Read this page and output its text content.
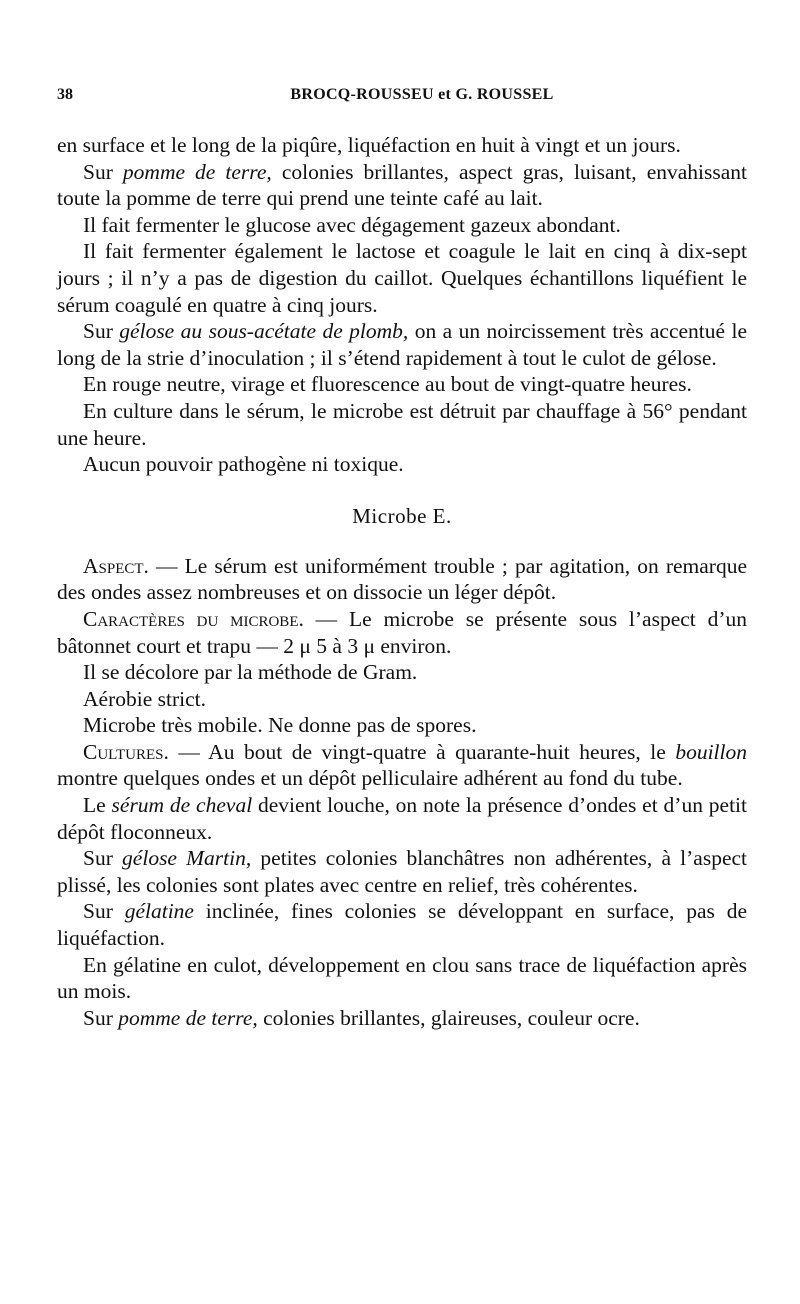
38	BROCQ-ROUSSEU et G. ROUSSEL

en surface et le long de la piqûre, liquéfaction en huit à vingt et un jours.

Sur pomme de terre, colonies brillantes, aspect gras, luisant, envahissant toute la pomme de terre qui prend une teinte café au lait.

Il fait fermenter le glucose avec dégagement gazeux abondant.

Il fait fermenter également le lactose et coagule le lait en cinq à dix-sept jours ; il n’y a pas de digestion du caillot. Quelques échantillons liquéfient le sérum coagulé en quatre à cinq jours.

Sur gélose au sous-acétate de plomb, on a un noircissement très accentué le long de la strie d’inoculation ; il s’étend rapidement à tout le culot de gélose.

En rouge neutre, virage et fluorescence au bout de vingt-quatre heures.

En culture dans le sérum, le microbe est détruit par chauffage à 56° pendant une heure.

Aucun pouvoir pathogène ni toxique.

Microbe E.

Aspect. — Le sérum est uniformément trouble ; par agitation, on remarque des ondes assez nombreuses et on dissocie un léger dépôt.

Caractères du microbe. — Le microbe se présente sous l’aspect d’un bâtonnet court et trapu — 2 μ 5 à 3 μ environ.

Il se décolore par la méthode de Gram.

Aérobie strict.

Microbe très mobile. Ne donne pas de spores.

Cultures. — Au bout de vingt-quatre à quarante-huit heures, le bouillon montre quelques ondes et un dépôt pelliculaire adhérent au fond du tube.

Le sérum de cheval devient louche, on note la présence d’ondes et d’un petit dépôt floconneux.

Sur gélose Martin, petites colonies blanchâtres non adhérentes, à l’aspect plissé, les colonies sont plates avec centre en relief, très cohérentes.

Sur gélatine inclinée, fines colonies se développant en surface, pas de liquéfaction.

En gélatine en culot, développement en clou sans trace de liquéfaction après un mois.

Sur pomme de terre, colonies brillantes, glaireuses, couleur ocre.
